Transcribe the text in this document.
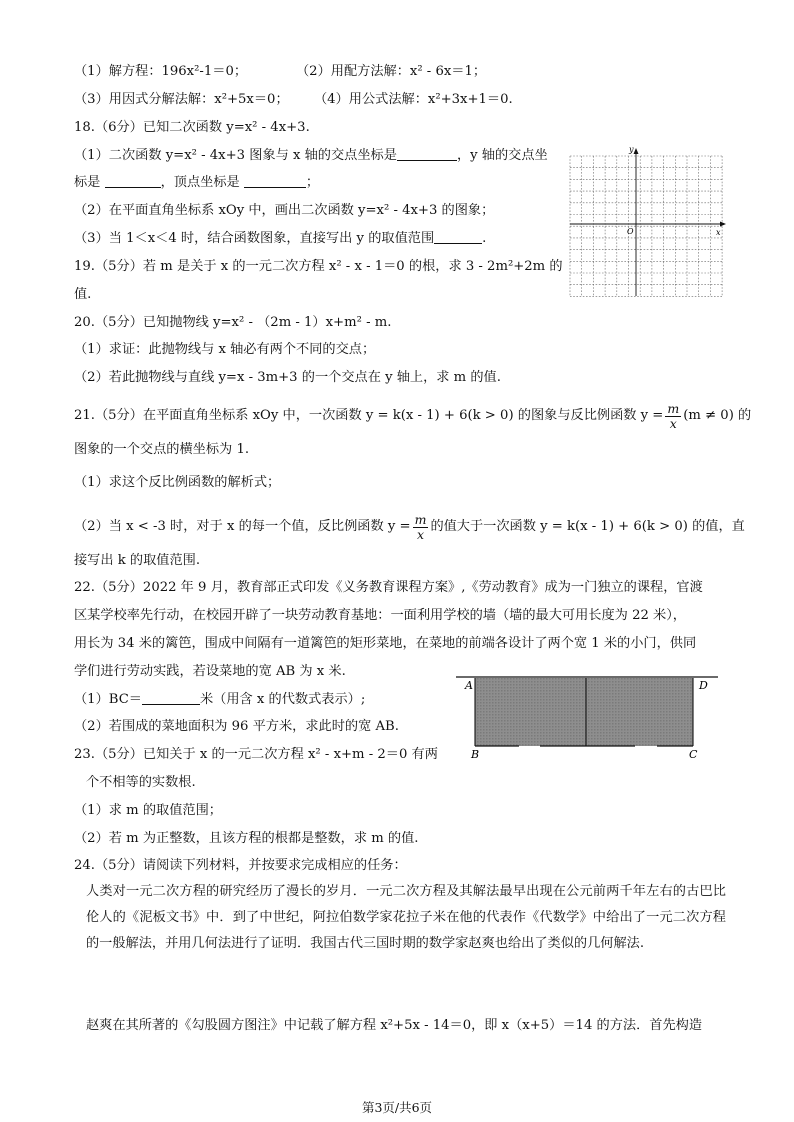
（1）解方程：196x²-1＝0；	（2）用配方法解：x² - 6x＝1；
（3）用因式分解法解：x²+5x＝0； （4）用公式法解：x²+3x+1＝0.
18.（6分）已知二次函数 y=x² - 4x+3.
（1）二次函数 y=x² - 4x+3 图象与 x 轴的交点坐标是	，y 轴的交点坐
标是	，顶点坐标是	；
（2）在平面直角坐标系 xOy 中，画出二次函数 y=x² - 4x+3 的图象；
（3）当 1＜x＜4 时，结合函数图象，直接写出 y 的取值范围	.	x
y
O
19.（5分）若 m 是关于 x 的一元二次方程 x² - x - 1＝0 的根，求 3 - 2m²+2m 的
值.
20.（5分）已知抛物线 y=x² - （2m - 1）x+m² - m.
（1）求证：此抛物线与 x 轴必有两个不同的交点；
（2）若此抛物线与直线 y=x - 3m+3 的一个交点在 y 轴上，求 m 的值.
21.（5分）在平面直角坐标系 xOy 中，一次函数 y = k(x - 1) + 6(k > 0) 的图象与反比例函数 $y = \frac{m}{x} (m \ne 0)$ 的
图象的一个交点的横坐标为 1.
（1）求这个反比例函数的解析式；
（2）当 x < -3 时，对于 x 的每一个值，反比例函数 $y = \frac{m}{x}$ 的值大于一次函数 y = k(x - 1) + 6(k > 0) 的值，直
接写出 k 的取值范围.
22.（5分）2022 年 9 月，教育部正式印发《义务教育课程方案》,《劳动教育》成为一门独立的课程，官渡
区某学校率先行动，在校园开辟了一块劳动教育基地：一面利用学校的墙（墙的最大可用长度为 22 米），
用长为 34 米的篱笆，围成中间隔有一道篱笆的矩形菜地，在菜地的前端各设计了两个宽 1 米的小门，供同
学们进行劳动实践，若设菜地的宽 AB 为 x 米.
（1）BC＝	米（用含 x 的代数式表示）;
（2）若围成的菜地面积为 96 平方米，求此时的宽 AB.
A
B	C
D
23.（5分）已知关于 x 的一元二次方程 x² - x+m - 2＝0 有两
个不相等的实数根.
（1）求 m 的取值范围；
（2）若 m 为正整数，且该方程的根都是整数，求 m 的值.
24.（5分）请阅读下列材料，并按要求完成相应的任务：
人类对一元二次方程的研究经历了漫长的岁月．一元二次方程及其解法最早出现在公元前两千年左右的古巴比伦人的《泥板文书》中．到了中世纪，阿拉伯数学家花拉子米在他的代表作《代数学》中给出了一元二次方程的一般解法，并用几何法进行了证明．我国古代三国时期的数学家赵爽也给出了类似的几何解法.
赵爽在其所著的《勾股圆方图注》中记载了解方程 x²+5x - 14＝0，即 x（x+5）＝14 的方法．首先构造
第3页/共6页
